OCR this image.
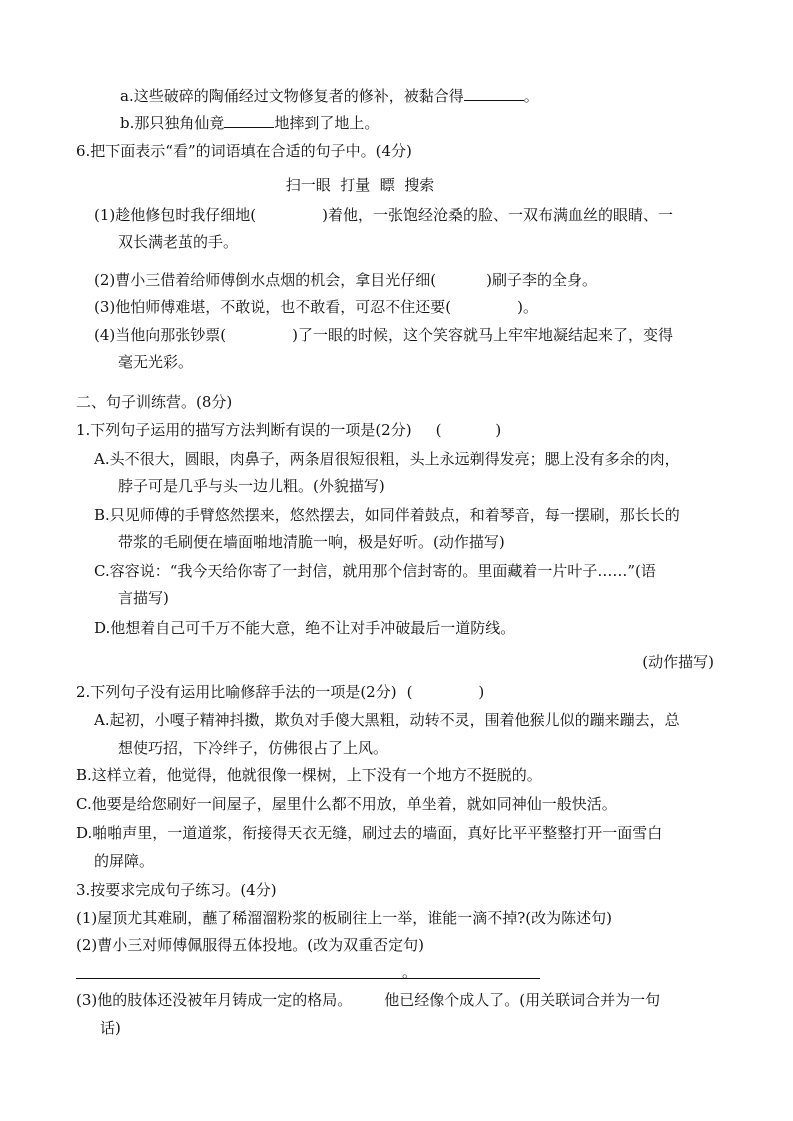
a.这些破碎的陶俑经过文物修复者的修补，被黏合得	。
b.那只独角仙竟	地摔到了地上。
6.把下面表示“看”的词语填在合适的句子中。(4分)
扫一眼  打量  瞟  搜索
(1)趁他修包时我仔细地(	)着他，一张饱经沧桑的脸、一双布满血丝的眼睛、一
双长满老茧的手。
(2)曹小三借着给师傅倒水点烟的机会，拿目光仔细(	)刷子李的全身。
(3)他怕师傅难堪，不敢说，也不敢看，可忍不住还要(	)。
(4)当他向那张钞票(	)了一眼的时候，这个笑容就马上牢牢地凝结起来了，变得
毫无光彩。
二、句子训练营。(8分)
1.下列句子运用的描写方法判断有误的一项是(2分) (	)
A.头不很大，圆眼，肉鼻子，两条眉很短很粗，头上永远剃得发亮；腮上没有多余的肉，
脖子可是几乎与头一边儿粗。(外貌描写)
B.只见师傅的手臂悠然摆来，悠然摆去，如同伴着鼓点，和着琴音，每一摆刷，那长长的
带浆的毛刷便在墙面啪地清脆一响，极是好听。(动作描写)
C.容容说：“我今天给你寄了一封信，就用那个信封寄的。里面藏着一片叶子……”(语
言描写)
D.他想着自己可千万不能大意，绝不让对手冲破最后一道防线。
(动作描写)
2.下列句子没有运用比喻修辞手法的一项是(2分) (	)
A.起初，小嘎子精神抖擞，欺负对手傻大黑粗，动转不灵，围着他猴儿似的蹦来蹦去，总
想使巧招，下冷绊子，仿佛很占了上风。
B.这样立着，他觉得，他就很像一棵树，上下没有一个地方不挺脱的。
C.他要是给您刷好一间屋子，屋里什么都不用放，单坐着，就如同神仙一般快活。
D.啪啪声里，一道道浆，衔接得天衣无缝，刷过去的墙面，真好比平平整整打开一面雪白
的屏障。
3.按要求完成句子练习。(4分)
(1)屋顶尤其难刷，蘸了稀溜溜粉浆的板刷往上一举，谁能一滴不掉?(改为陈述句)
(2)曹小三对师傅佩服得五体投地。(改为双重否定句)
。
(3)他的肢体还没被年月铸成一定的格局。 他已经像个成人了。(用关联词合并为一句
话)
